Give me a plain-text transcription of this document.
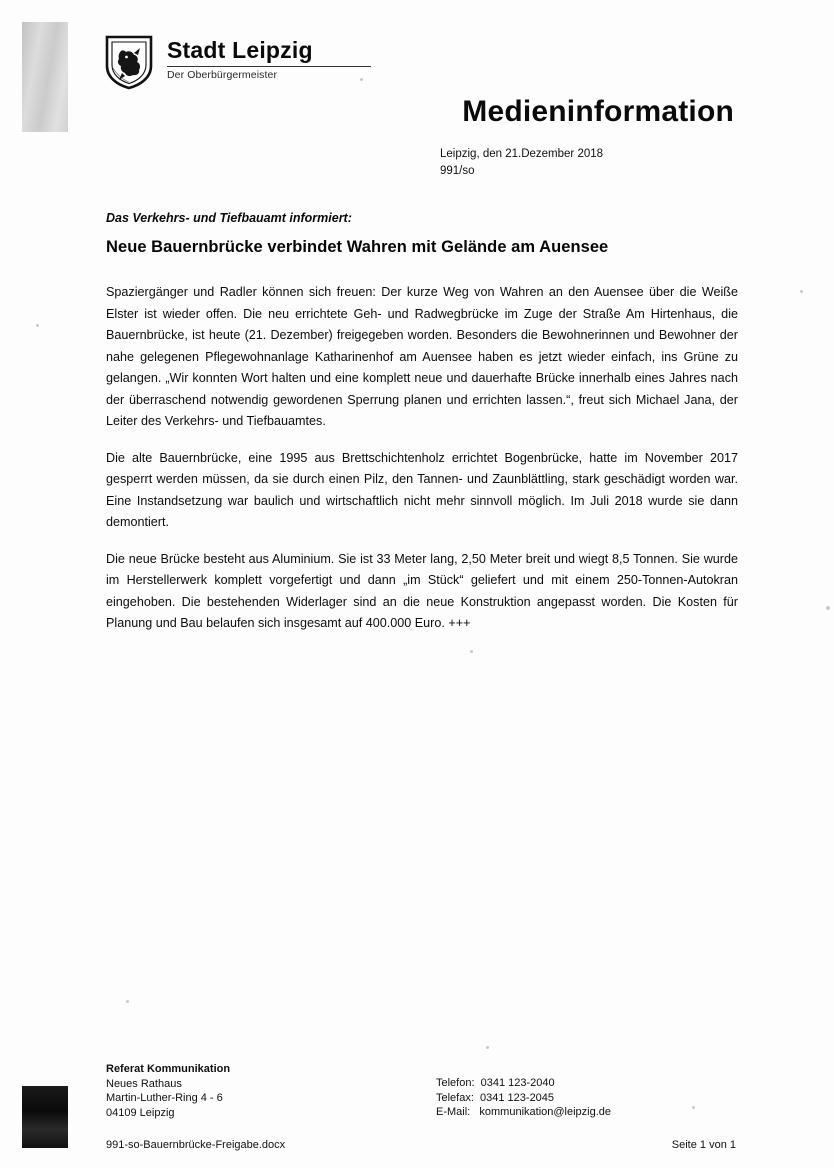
Stadt Leipzig
Der Oberbürgermeister
Medieninformation
Leipzig, den 21.Dezember 2018
991/so
Das Verkehrs- und Tiefbauamt informiert:
Neue Bauernbrücke verbindet Wahren mit Gelände am Auensee

Spaziergänger und Radler können sich freuen: Der kurze Weg von Wahren an den Auensee über die Weiße Elster ist wieder offen. Die neu errichtete Geh- und Radwegbrücke im Zuge der Straße Am Hirtenhaus, die Bauernbrücke, ist heute (21. Dezember) freigegeben worden. Besonders die Bewohnerinnen und Bewohner der nahe gelegenen Pflegewohnanlage Katharinenhof am Auensee haben es jetzt wieder einfach, ins Grüne zu gelangen. „Wir konnten Wort halten und eine komplett neue und dauerhafte Brücke innerhalb eines Jahres nach der überraschend notwendig gewordenen Sperrung planen und errichten lassen.“, freut sich Michael Jana, der Leiter des Verkehrs- und Tiefbauamtes.

Die alte Bauernbrücke, eine 1995 aus Brettschichtenholz errichtet Bogenbrücke, hatte im November 2017 gesperrt werden müssen, da sie durch einen Pilz, den Tannen- und Zaunblättling, stark geschädigt worden war. Eine Instandsetzung war baulich und wirtschaftlich nicht mehr sinnvoll möglich. Im Juli 2018 wurde sie dann demontiert.

Die neue Brücke besteht aus Aluminium. Sie ist 33 Meter lang, 2,50 Meter breit und wiegt 8,5 Tonnen. Sie wurde im Herstellerwerk komplett vorgefertigt und dann „im Stück“ geliefert und mit einem 250-Tonnen-Autokran eingehoben. Die bestehenden Widerlager sind an die neue Konstruktion angepasst worden. Die Kosten für Planung und Bau belaufen sich insgesamt auf 400.000 Euro. +++

Referat Kommunikation
Neues Rathaus
Martin-Luther-Ring 4 - 6
04109 Leipzig
Telefon:  0341 123-2040
Telefax:  0341 123-2045
E-Mail:   kommunikation@leipzig.de
991-so-Bauernbrücke-Freigabe.docx	Seite 1 von 1
